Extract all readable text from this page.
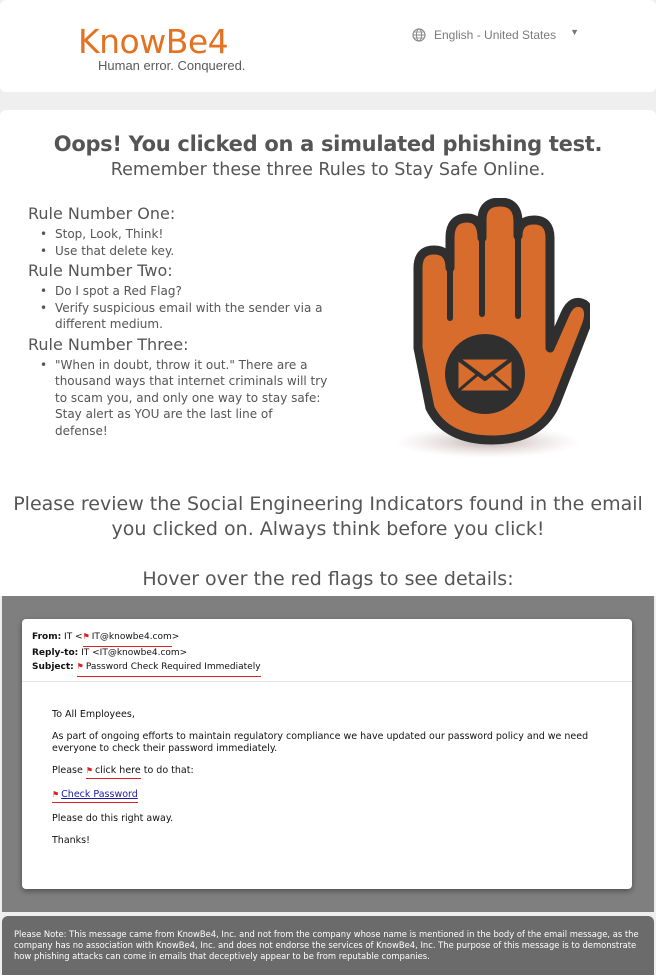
KnowBe4
Human error. Conquered.
English - United States ▼
Oops! You clicked on a simulated phishing test.
Remember these three Rules to Stay Safe Online.
Rule Number One:
• Stop, Look, Think!
• Use that delete key.
Rule Number Two:
• Do I spot a Red Flag?
• Verify suspicious email with the sender via a different medium.
Rule Number Three:
• "When in doubt, throw it out." There are a thousand ways that internet criminals will try to scam you, and only one way to stay safe: Stay alert as YOU are the last line of defense!
Please review the Social Engineering Indicators found in the email you clicked on. Always think before you click!
Hover over the red flags to see details:
From: IT <⚑ IT@knowbe4.com>
Reply-to: IT <IT@knowbe4.com>
Subject: ⚑ Password Check Required Immediately

To All Employees,

As part of ongoing efforts to maintain regulatory compliance we have updated our password policy and we need everyone to check their password immediately.

Please ⚑ click here to do that:

⚑ Check Password

Please do this right away.

Thanks!

Please Note: This message came from KnowBe4, Inc. and not from the company whose name is mentioned in the body of the email message, as the company has no association with KnowBe4, Inc. and does not endorse the services of KnowBe4, Inc. The purpose of this message is to demonstrate how phishing attacks can come in emails that deceptively appear to be from reputable companies.
